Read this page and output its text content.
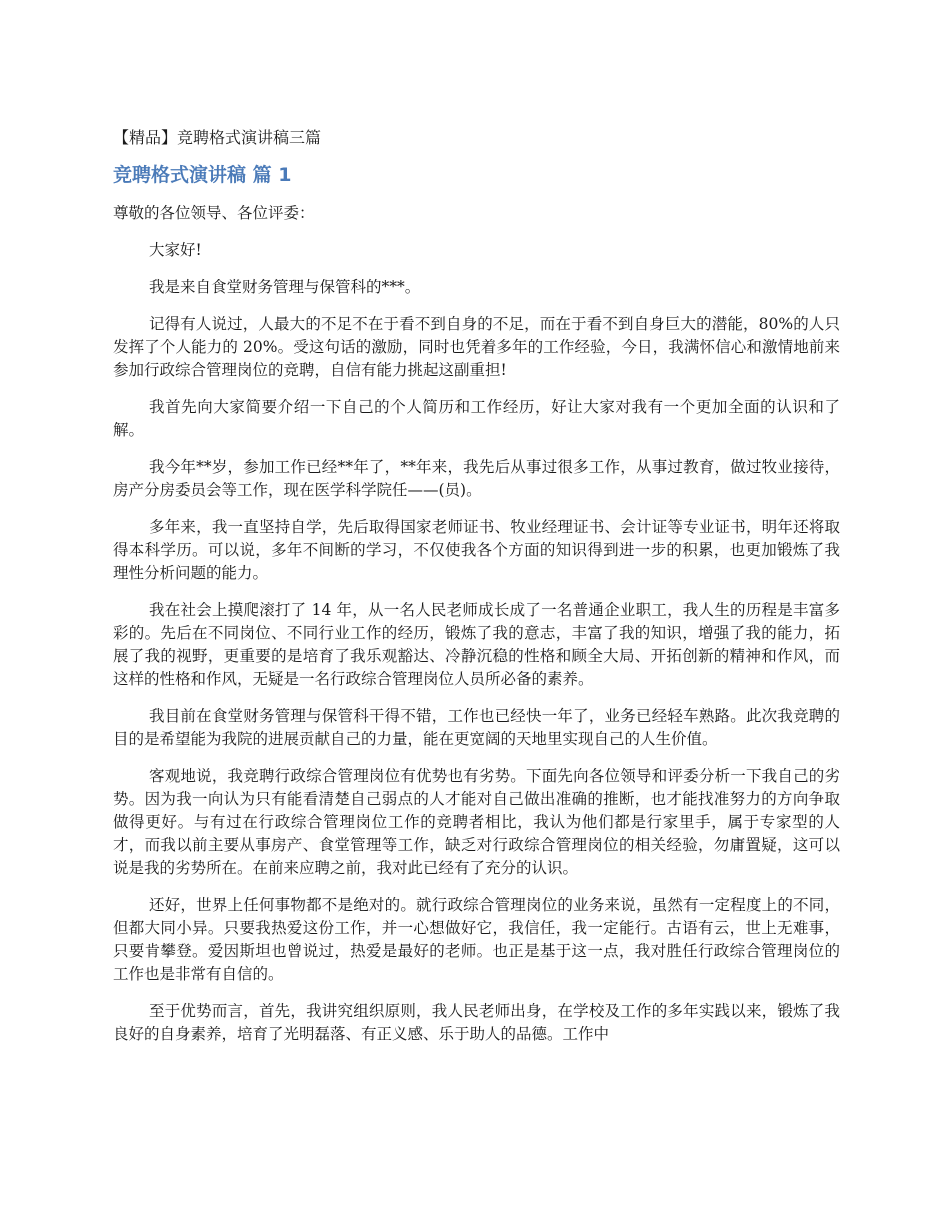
【精品】竞聘格式演讲稿三篇
竞聘格式演讲稿 篇 1
尊敬的各位领导、各位评委：

大家好!

我是来自食堂财务管理与保管科的***。

记得有人说过，人最大的不足不在于看不到自身的不足，而在于看不到自身巨大的潜能，80%的人只发挥了个人能力的 20%。受这句话的激励，同时也凭着多年的工作经验，今日，我满怀信心和激情地前来参加行政综合管理岗位的竞聘，自信有能力挑起这副重担!

我首先向大家简要介绍一下自己的个人简历和工作经历，好让大家对我有一个更加全面的认识和了解。

我今年**岁，参加工作已经**年了，**年来，我先后从事过很多工作，从事过教育，做过牧业接待，房产分房委员会等工作，现在医学科学院任——(员)。

多年来，我一直坚持自学，先后取得国家老师证书、牧业经理证书、会计证等专业证书，明年还将取得本科学历。可以说，多年不间断的学习，不仅使我各个方面的知识得到进一步的积累，也更加锻炼了我理性分析问题的能力。

我在社会上摸爬滚打了 14 年，从一名人民老师成长成了一名普通企业职工，我人生的历程是丰富多彩的。先后在不同岗位、不同行业工作的经历，锻炼了我的意志，丰富了我的知识，增强了我的能力，拓展了我的视野，更重要的是培育了我乐观豁达、冷静沉稳的性格和顾全大局、开拓创新的精神和作风，而这样的性格和作风，无疑是一名行政综合管理岗位人员所必备的素养。

我目前在食堂财务管理与保管科干得不错，工作也已经快一年了，业务已经轻车熟路。此次我竞聘的目的是希望能为我院的进展贡献自己的力量，能在更宽阔的天地里实现自己的人生价值。

客观地说，我竞聘行政综合管理岗位有优势也有劣势。下面先向各位领导和评委分析一下我自己的劣势。因为我一向认为只有能看清楚自己弱点的人才能对自己做出准确的推断，也才能找准努力的方向争取做得更好。与有过在行政综合管理岗位工作的竞聘者相比，我认为他们都是行家里手，属于专家型的人才，而我以前主要从事房产、食堂管理等工作，缺乏对行政综合管理岗位的相关经验，勿庸置疑，这可以说是我的劣势所在。在前来应聘之前，我对此已经有了充分的认识。

还好，世界上任何事物都不是绝对的。就行政综合管理岗位的业务来说，虽然有一定程度上的不同，但都大同小异。只要我热爱这份工作，并一心想做好它，我信任，我一定能行。古语有云，世上无难事，只要肯攀登。爱因斯坦也曾说过，热爱是最好的老师。也正是基于这一点，我对胜任行政综合管理岗位的工作也是非常有自信的。

至于优势而言，首先，我讲究组织原则，我人民老师出身，在学校及工作的多年实践以来，锻炼了我良好的自身素养，培育了光明磊落、有正义感、乐于助人的品德。工作中
